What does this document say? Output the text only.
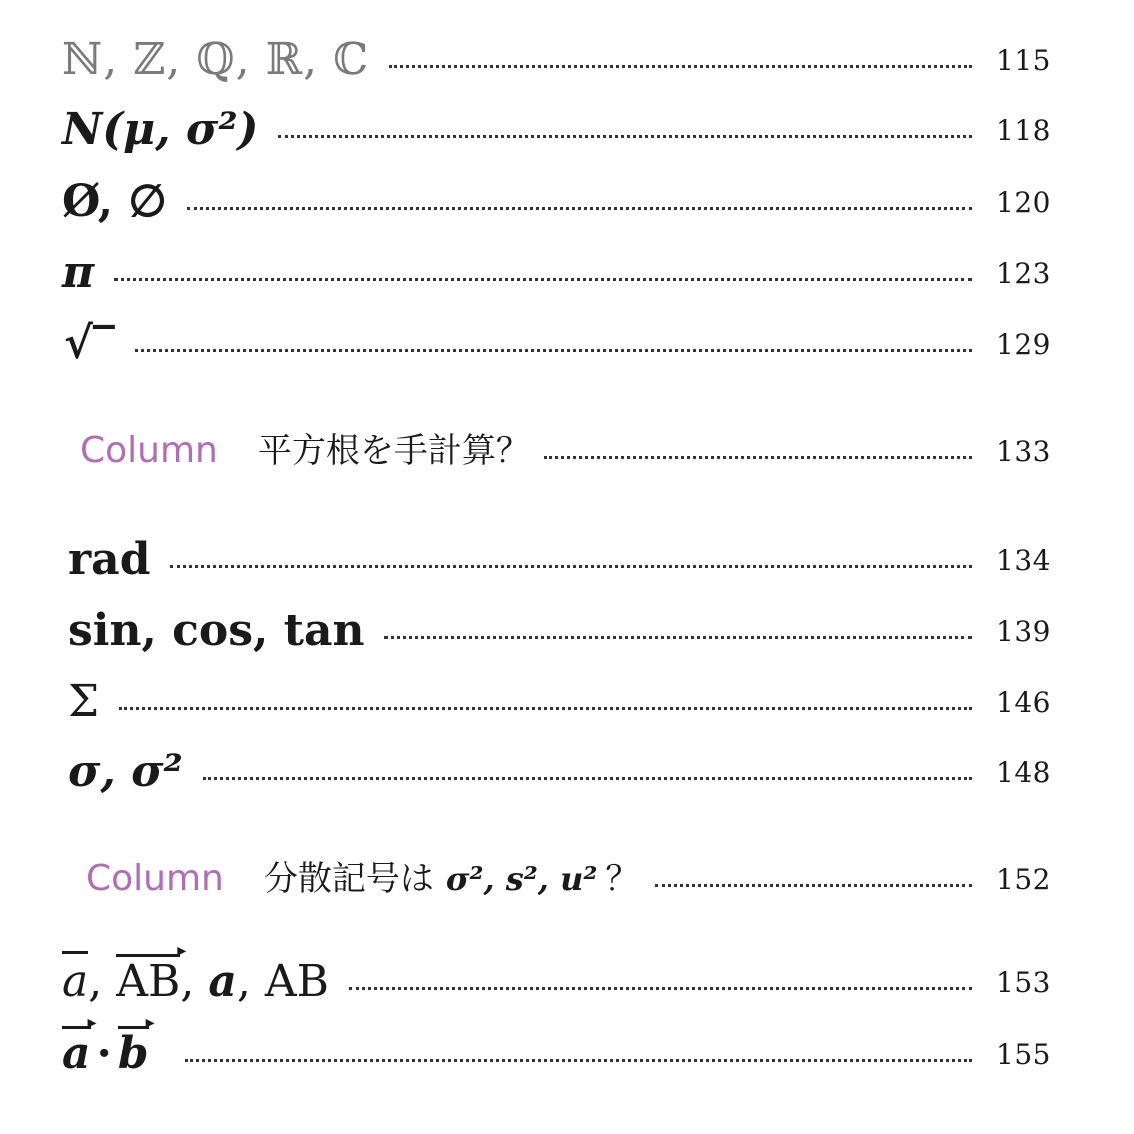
ℕ, ℤ, ℚ, ℝ, ℂ	115
N(μ, σ²)	118
Ø, ∅	120
π	123
√‾	129
Column 平方根を手計算？	133
rad	134
sin, cos, tan	139
Σ	146
σ, σ²	148
Column 分散記号は σ², s², u² ？	152
a, AB ▸, a, AB	153
a ▸ · b ▸	155
